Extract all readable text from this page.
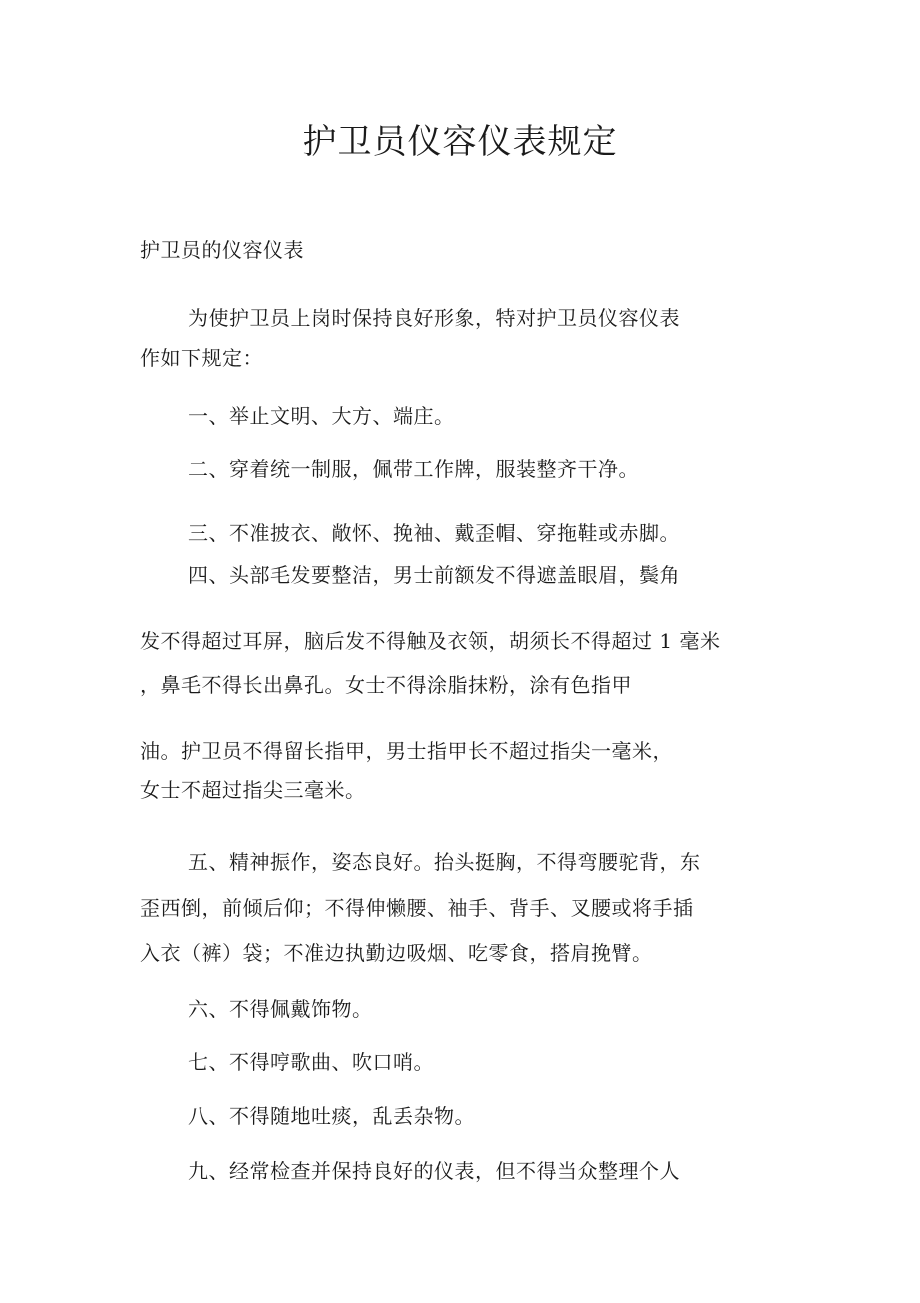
护卫员仪容仪表规定
护卫员的仪容仪表
为使护卫员上岗时保持良好形象，特对护卫员仪容仪表
作如下规定：
一、举止文明、大方、端庄。
二、穿着统一制服，佩带工作牌，服装整齐干净。
三、不准披衣、敞怀、挽袖、戴歪帽、穿拖鞋或赤脚。
四、头部毛发要整洁，男士前额发不得遮盖眼眉，鬓角
发不得超过耳屏，脑后发不得触及衣领，胡须长不得超过 1 毫米
，鼻毛不得长出鼻孔。女士不得涂脂抹粉，涂有色指甲
油。护卫员不得留长指甲，男士指甲长不超过指尖一毫米，
女士不超过指尖三毫米。
五、精神振作，姿态良好。抬头挺胸，不得弯腰驼背，东
歪西倒，前倾后仰；不得伸懒腰、袖手、背手、叉腰或将手插
入衣（裤）袋；不准边执勤边吸烟、吃零食，搭肩挽臂。
六、不得佩戴饰物。
七、不得哼歌曲、吹口哨。
八、不得随地吐痰，乱丢杂物。
九、经常检查并保持良好的仪表，但不得当众整理个人
